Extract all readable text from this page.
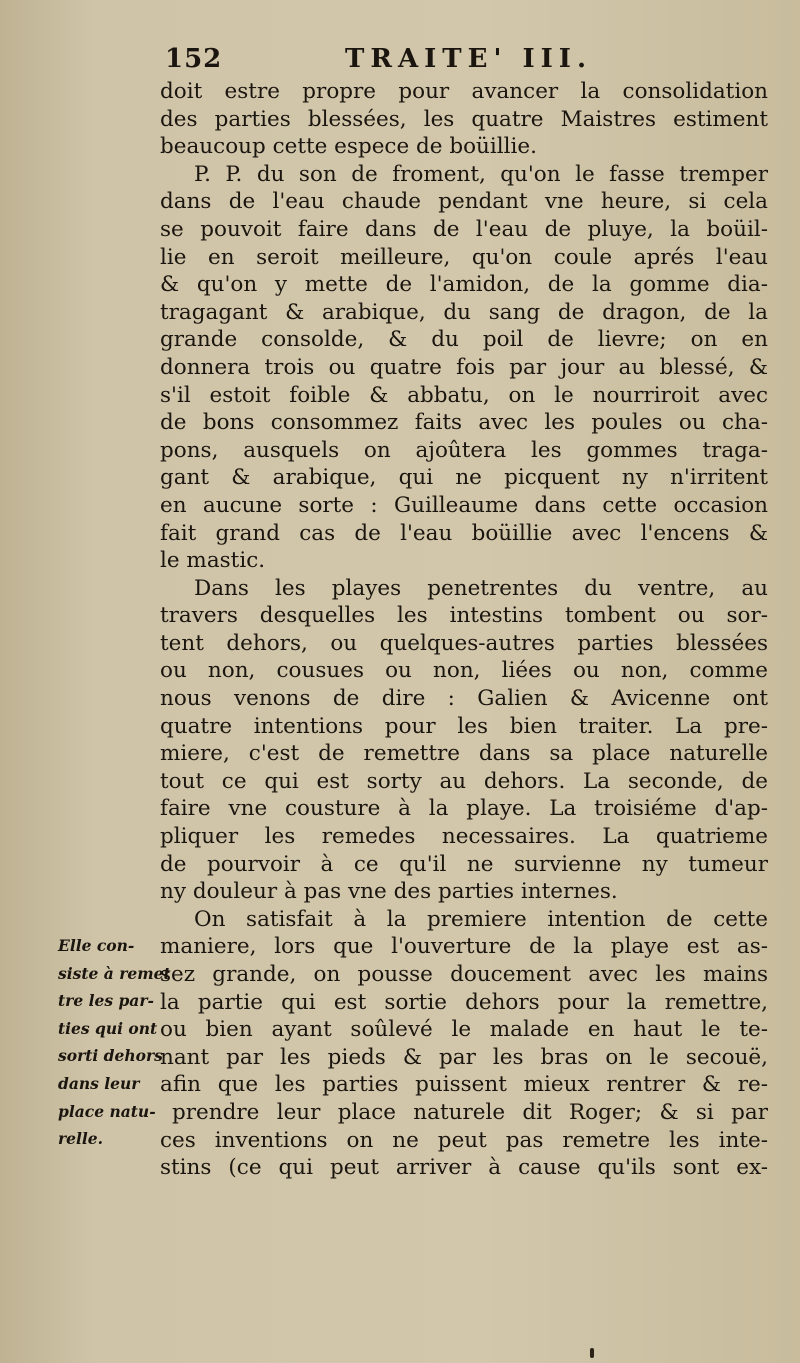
152	TRAITE' III.
doit estre propre pour avancer la consolidation
des parties blessées, les quatre Maistres estiment
beaucoup cette espece de boüillie.
P. P. du son de froment, qu'on le fasse tremper
dans de l'eau chaude pendant vne heure, si cela
se pouvoit faire dans de l'eau de pluye, la boüil-
lie en seroit meilleure, qu'on coule aprés l'eau
& qu'on y mette de l'amidon, de la gomme dia-
tragagant & arabique, du sang de dragon, de la
grande consolde, & du poil de lievre; on en
donnera trois ou quatre fois par jour au blessé, &
s'il estoit foible & abbatu, on le nourriroit avec
de bons consommez faits avec les poules ou cha-
pons, ausquels on ajoûtera les gommes traga-
gant & arabique, qui ne picquent ny n'irritent
en aucune sorte : Guilleaume dans cette occasion
fait grand cas de l'eau boüillie avec l'encens &
le mastic.
Dans les playes penetrentes du ventre, au
travers desquelles les intestins tombent ou sor-
tent dehors, ou quelques-autres parties blessées
ou non, cousues ou non, liées ou non, comme
nous venons de dire : Galien & Avicenne ont
quatre intentions pour les bien traiter. La pre-
miere, c'est de remettre dans sa place naturelle
tout ce qui est sorty au dehors. La seconde, de
faire vne cousture à la playe. La troisiéme d'ap-
pliquer les remedes necessaires. La quatrieme
de pourvoir à ce qu'il ne survienne ny tumeur
ny douleur à pas vne des parties internes.
On satisfait à la premiere intention de cette
maniere, lors que l'ouverture de la playe est as-
sez grande, on pousse doucement avec les mains
la partie qui est sortie dehors pour la remettre,
ou bien ayant soûlevé le malade en haut le te-
nant par les pieds & par les bras on le secouë,
afin que les parties puissent mieux rentrer & re-
prendre leur place naturele dit Roger; & si par
ces inventions on ne peut pas remetre les inte-
stins (ce qui peut arriver à cause qu'ils sont ex-
Elle con-
siste à remet
tre les par-
ties qui ont
sorti dehors
dans leur
place natu-
relle.
